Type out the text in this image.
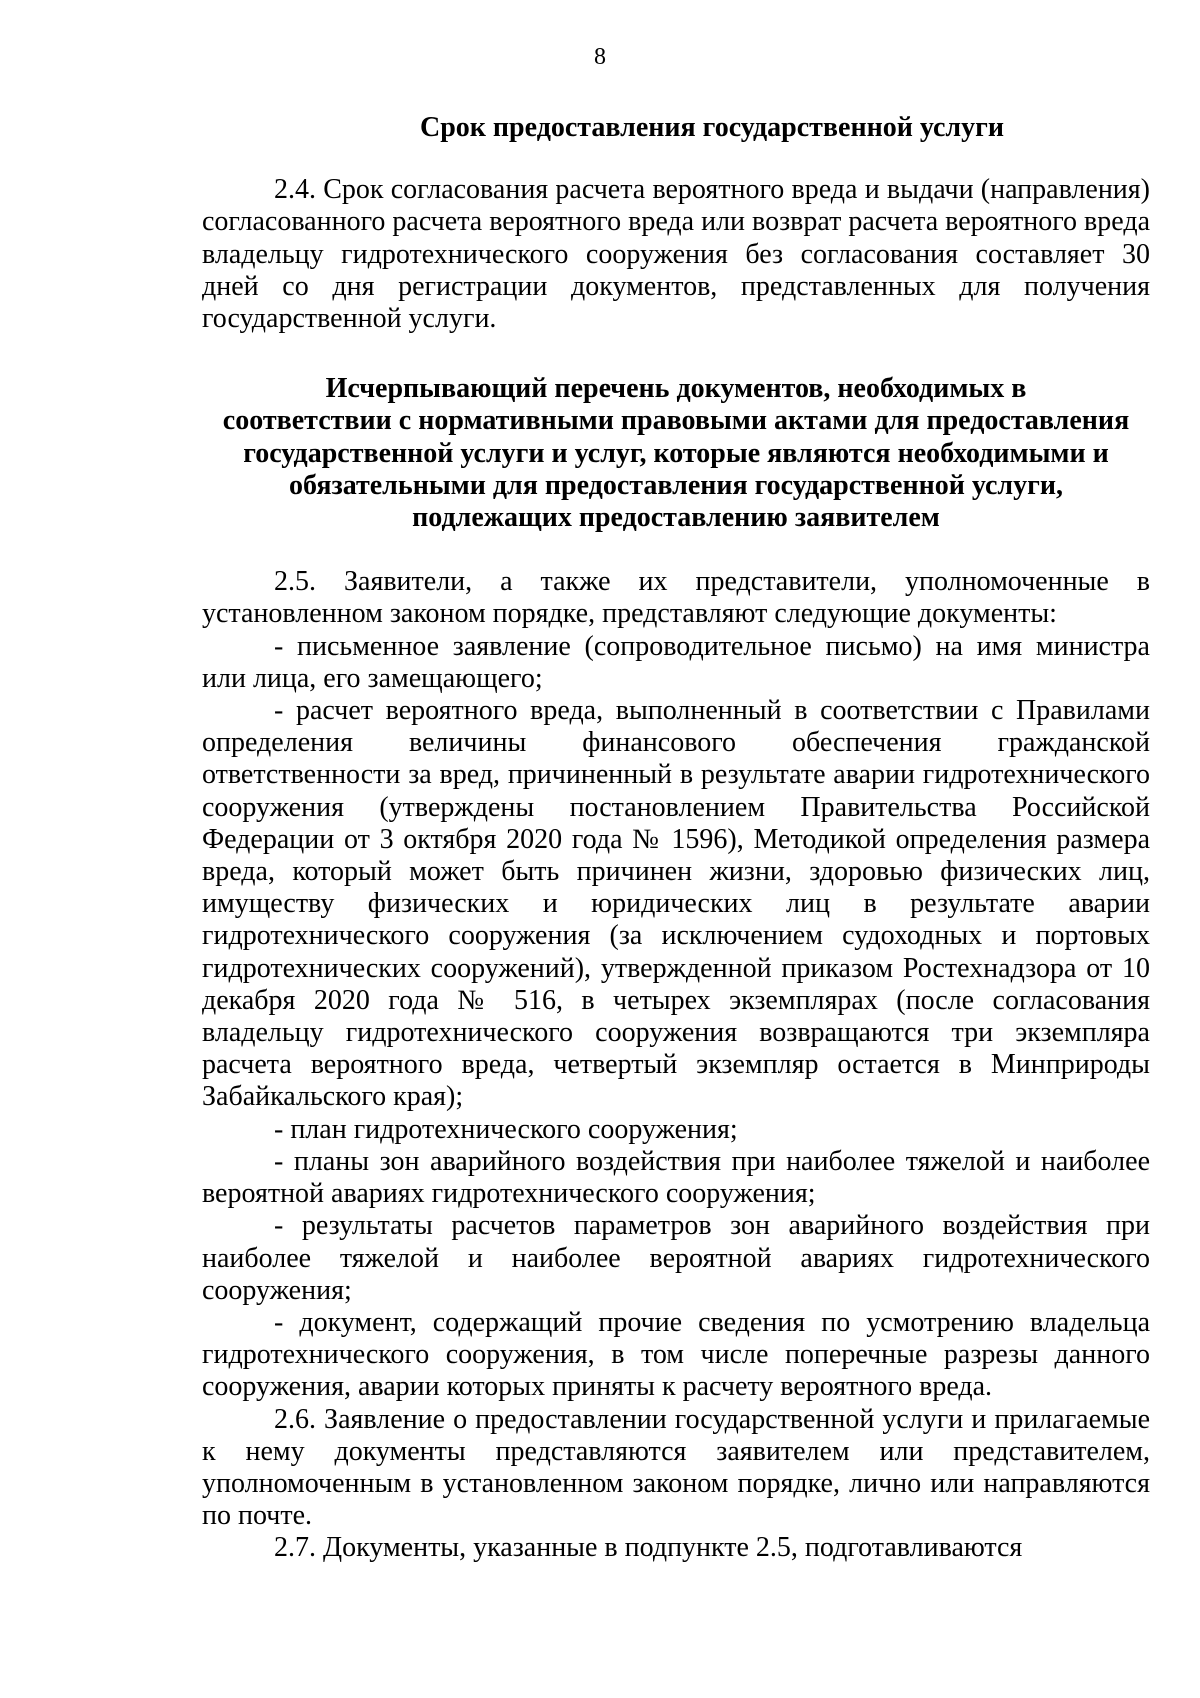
8

Срок предоставления государственной услуги

2.4. Срок согласования расчета вероятного вреда и выдачи (направления) согласованного расчета вероятного вреда или возврат расчета вероятного вреда владельцу гидротехнического сооружения без согласования составляет 30 дней со дня регистрации документов, представленных для получения государственной услуги.

Исчерпывающий перечень документов, необходимых в
соответствии с нормативными правовыми актами для предоставления
государственной услуги и услуг, которые являются необходимыми и
обязательными для предоставления государственной услуги,
подлежащих предоставлению заявителем

2.5. Заявители, а также их представители, уполномоченные в установленном законом порядке, представляют следующие документы:

- письменное заявление (сопроводительное письмо) на имя министра или лица, его замещающего;

- расчет вероятного вреда, выполненный в соответствии с Правилами определения величины финансового обеспечения гражданской ответственности за вред, причиненный в результате аварии гидротехнического сооружения (утверждены постановлением Правительства Российской Федерации от 3 октября 2020 года № 1596), Методикой определения размера вреда, который может быть причинен жизни, здоровью физических лиц, имуществу физических и юридических лиц в результате аварии гидротехнического сооружения (за исключением судоходных и портовых гидротехнических сооружений), утвержденной приказом Ростехнадзора от 10 декабря 2020 года № 516, в четырех экземплярах (после согласования владельцу гидротехнического сооружения возвращаются три экземпляра расчета вероятного вреда, четвертый экземпляр остается в Минприроды Забайкальского края);

- план гидротехнического сооружения;

- планы зон аварийного воздействия при наиболее тяжелой и наиболее вероятной авариях гидротехнического сооружения;

- результаты расчетов параметров зон аварийного воздействия при наиболее тяжелой и наиболее вероятной авариях гидротехнического сооружения;

- документ, содержащий прочие сведения по усмотрению владельца гидротехнического сооружения, в том числе поперечные разрезы данного сооружения, аварии которых приняты к расчету вероятного вреда.

2.6. Заявление о предоставлении государственной услуги и прилагаемые к нему документы представляются заявителем или представителем, уполномоченным в установленном законом порядке, лично или направляются по почте.

2.7. Документы, указанные в подпункте 2.5, подготавливаются
